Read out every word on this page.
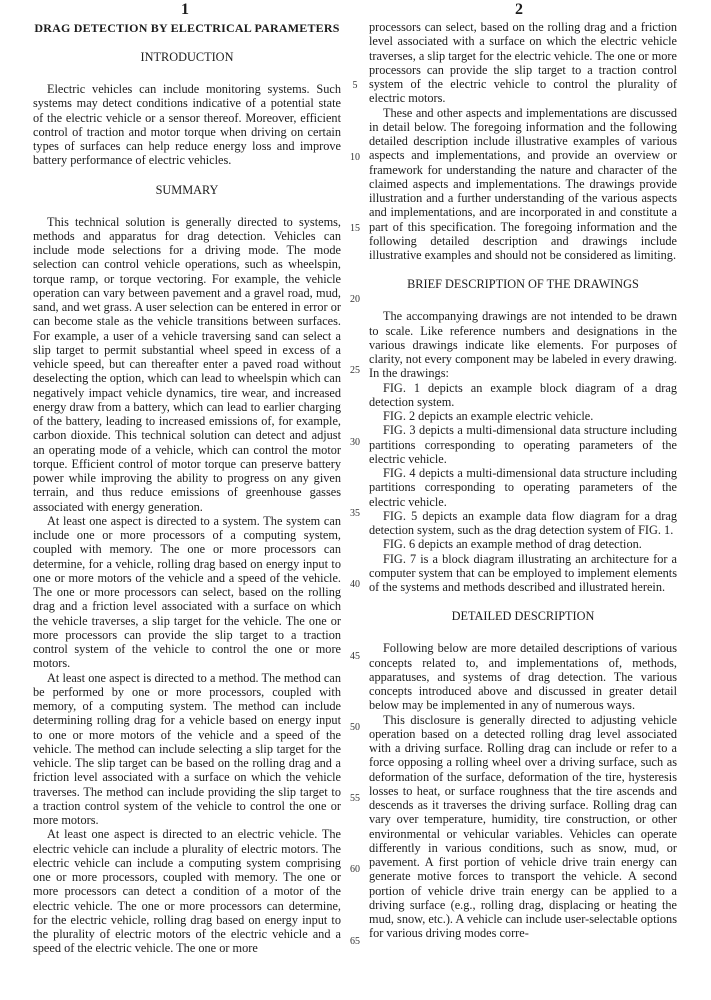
1	2
DRAG DETECTION BY ELECTRICAL PARAMETERS
INTRODUCTION

Electric vehicles can include monitoring systems. Such systems may detect conditions indicative of a potential state of the electric vehicle or a sensor thereof. Moreover, efficient control of traction and motor torque when driving on certain types of surfaces can help reduce energy loss and improve battery performance of electric vehicles.

SUMMARY

This technical solution is generally directed to systems, methods and apparatus for drag detection. Vehicles can include mode selections for a driving mode. The mode selection can control vehicle operations, such as wheelspin, torque ramp, or torque vectoring. For example, the vehicle operation can vary between pavement and a gravel road, mud, sand, and wet grass. A user selection can be entered in error or can become stale as the vehicle transitions between surfaces. For example, a user of a vehicle traversing sand can select a slip target to permit substantial wheel speed in excess of a vehicle speed, but can thereafter enter a paved road without deselecting the option, which can lead to wheelspin which can negatively impact vehicle dynamics, tire wear, and increased energy draw from a battery, which can lead to earlier charging of the battery, leading to increased emissions of, for example, carbon dioxide. This technical solution can detect and adjust an operating mode of a vehicle, which can control the motor torque. Efficient control of motor torque can preserve battery power while improving the ability to progress on any given terrain, and thus reduce emissions of greenhouse gasses associated with energy generation.

At least one aspect is directed to a system. The system can include one or more processors of a computing system, coupled with memory. The one or more processors can determine, for a vehicle, rolling drag based on energy input to one or more motors of the vehicle and a speed of the vehicle. The one or more processors can select, based on the rolling drag and a friction level associated with a surface on which the vehicle traverses, a slip target for the vehicle. The one or more processors can provide the slip target to a traction control system of the vehicle to control the one or more motors.

At least one aspect is directed to a method. The method can be performed by one or more processors, coupled with memory, of a computing system. The method can include determining rolling drag for a vehicle based on energy input to one or more motors of the vehicle and a speed of the vehicle. The method can include selecting a slip target for the vehicle. The slip target can be based on the rolling drag and a friction level associated with a surface on which the vehicle traverses. The method can include providing the slip target to a traction control system of the vehicle to control the one or more motors.

At least one aspect is directed to an electric vehicle. The electric vehicle can include a plurality of electric motors. The electric vehicle can include a computing system comprising one or more processors, coupled with memory. The one or more processors can detect a condition of a motor of the electric vehicle. The one or more processors can determine, for the electric vehicle, rolling drag based on energy input to the plurality of electric motors of the electric vehicle and a speed of the electric vehicle. The one or more

processors can select, based on the rolling drag and a friction level associated with a surface on which the electric vehicle traverses, a slip target for the electric vehicle. The one or more processors can provide the slip target to a traction control system of the electric vehicle to control the plurality of electric motors.

These and other aspects and implementations are discussed in detail below. The foregoing information and the following detailed description include illustrative examples of various aspects and implementations, and provide an overview or framework for understanding the nature and character of the claimed aspects and implementations. The drawings provide illustration and a further understanding of the various aspects and implementations, and are incorporated in and constitute a part of this specification. The foregoing information and the following detailed description and drawings include illustrative examples and should not be considered as limiting.

BRIEF DESCRIPTION OF THE DRAWINGS

The accompanying drawings are not intended to be drawn to scale. Like reference numbers and designations in the various drawings indicate like elements. For purposes of clarity, not every component may be labeled in every drawing. In the drawings:

FIG. 1 depicts an example block diagram of a drag detection system.

FIG. 2 depicts an example electric vehicle.

FIG. 3 depicts a multi-dimensional data structure including partitions corresponding to operating parameters of the electric vehicle.

FIG. 4 depicts a multi-dimensional data structure including partitions corresponding to operating parameters of the electric vehicle.

FIG. 5 depicts an example data flow diagram for a drag detection system, such as the drag detection system of FIG. 1.

FIG. 6 depicts an example method of drag detection.

FIG. 7 is a block diagram illustrating an architecture for a computer system that can be employed to implement elements of the systems and methods described and illustrated herein.

DETAILED DESCRIPTION

Following below are more detailed descriptions of various concepts related to, and implementations of, methods, apparatuses, and systems of drag detection. The various concepts introduced above and discussed in greater detail below may be implemented in any of numerous ways.

This disclosure is generally directed to adjusting vehicle operation based on a detected rolling drag level associated with a driving surface. Rolling drag can include or refer to a force opposing a rolling wheel over a driving surface, such as deformation of the surface, deformation of the tire, hysteresis losses to heat, or surface roughness that the tire ascends and descends as it traverses the driving surface. Rolling drag can vary over temperature, humidity, tire construction, or other environmental or vehicular variables. Vehicles can operate differently in various conditions, such as snow, mud, or pavement. A first portion of vehicle drive train energy can generate motive forces to transport the vehicle. A second portion of vehicle drive train energy can be applied to a driving surface (e.g., rolling drag, displacing or heating the mud, snow, etc.). A vehicle can include user-selectable options for various driving modes corre-

5
10
15
20
25
30
35
40
45
50
55
60
65
